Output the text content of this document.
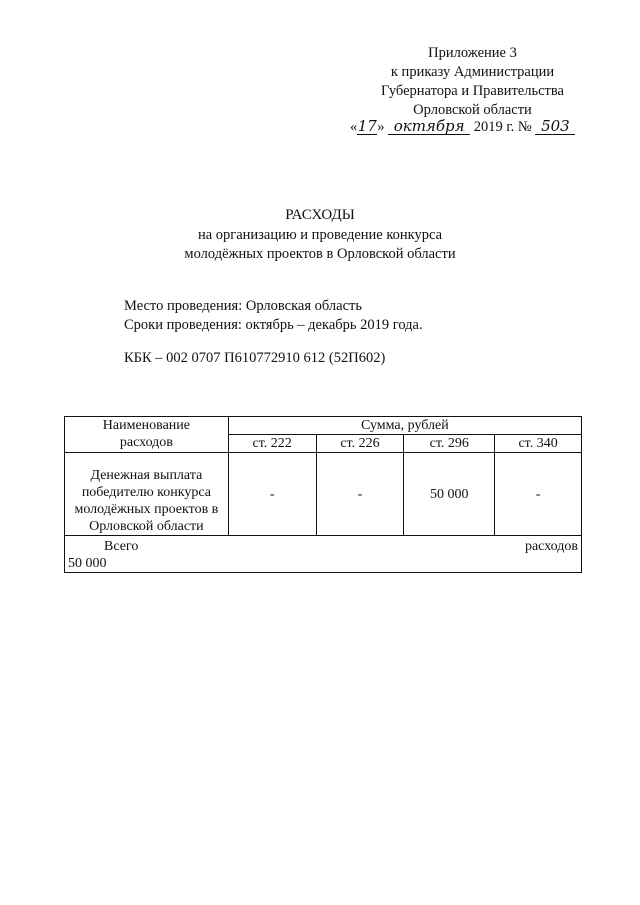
Приложение 3
к приказу Администрации
Губернатора и Правительства
Орловской области
«17» октября 2019 г. № 503
РАСХОДЫ
на организацию и проведение конкурса
молодёжных проектов в Орловской области
Место проведения: Орловская область
Сроки проведения: октябрь – декабрь 2019 года.
КБК – 002 0707 П610772910 612 (52П602)
Наименование
расходов	Сумма, рублей			
	ст. 222	ст. 226	ст. 296	ст. 340

Денежная выплата
победителю конкурса
молодёжных проектов в
Орловской области	-	-	50 000	-

Всего расходов
50 000				
